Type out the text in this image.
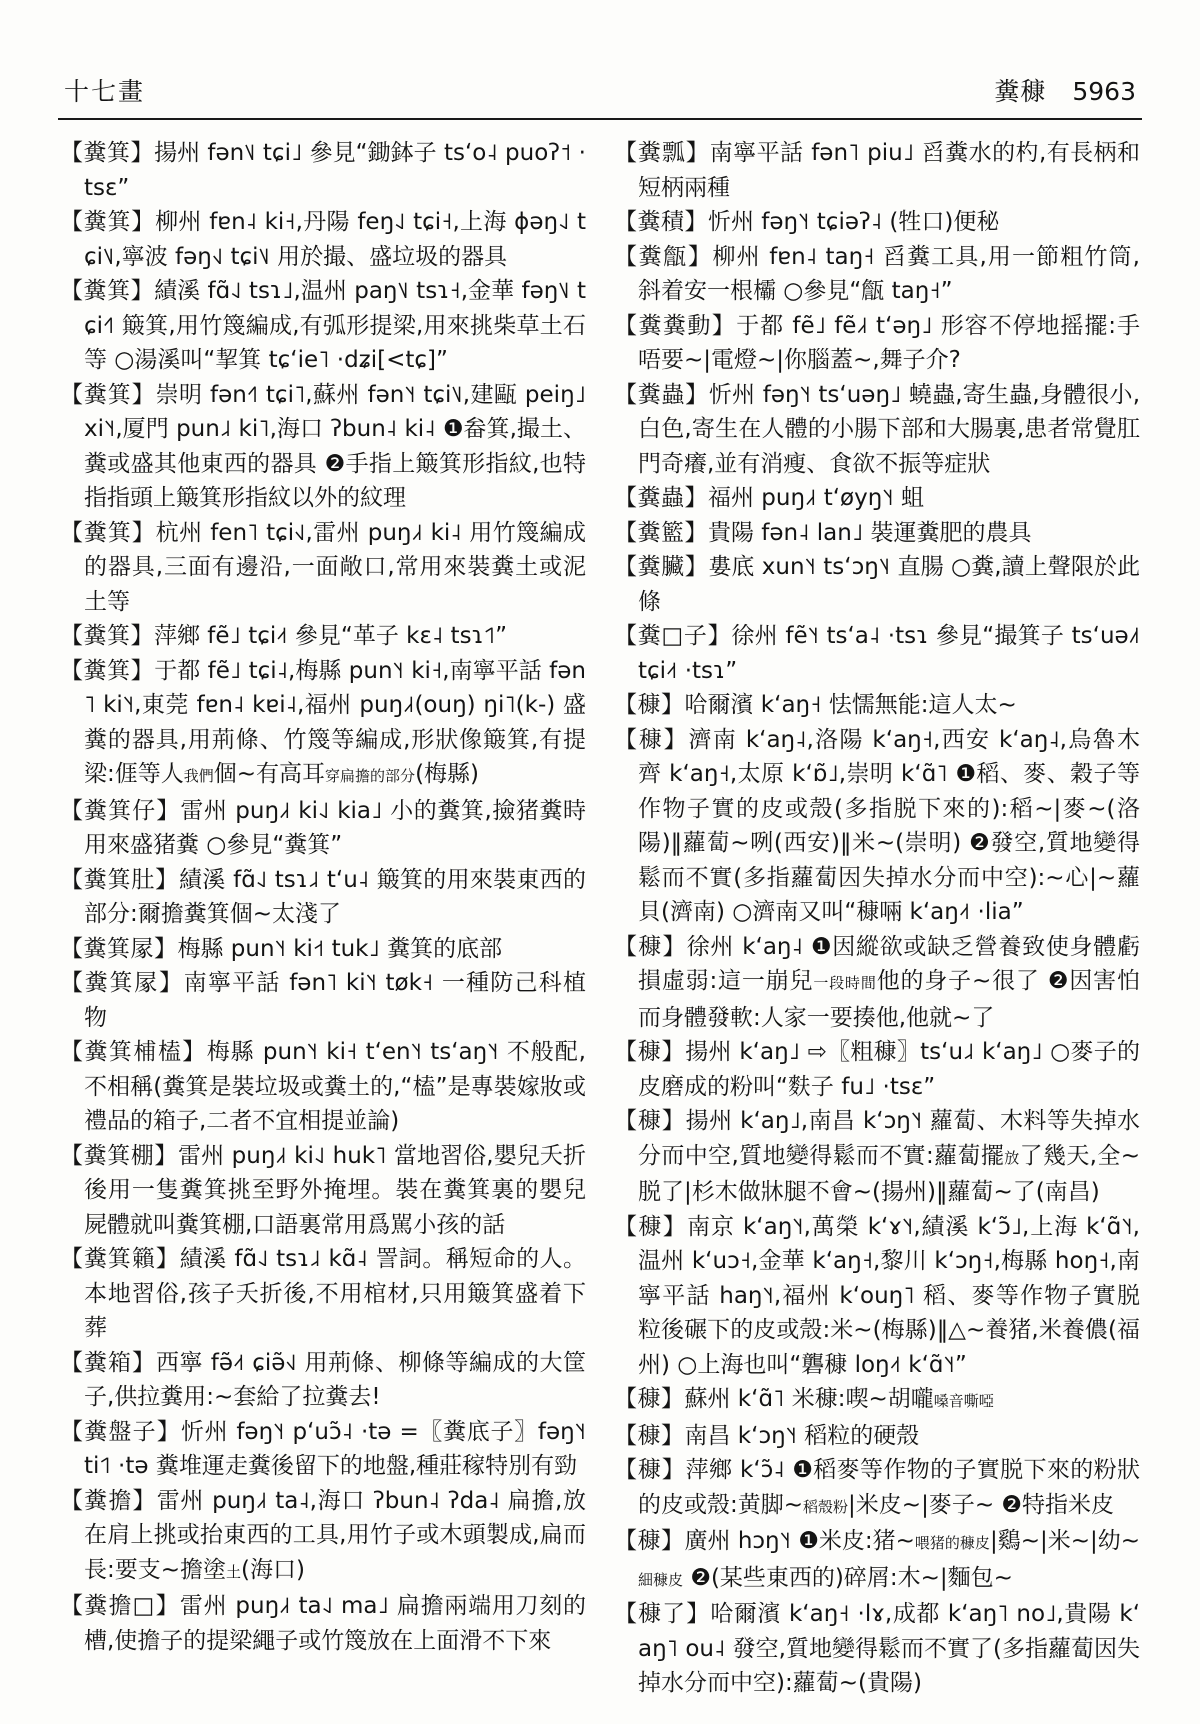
十七畫	糞穅 5963

【糞箕】揚州 fən˥˩ tɕi˩ 參見“鋤鉢子 tsʻo˨ puoʔ˦ ·tsɛ”

【糞箕】柳州 fɐn˨ ki˧,丹陽 feŋ˨˩ tɕi˧,上海 ɸəŋ˨˩ tɕi˥˩,寧波 fəŋ˧˩ tɕi˥˩ 用於撮、盛垃圾的器具

【糞箕】績溪 fɑ̃˨˩ tsɿ˩,温州 paŋ˥˩ tsɿ˧,金華 fəŋ˥˩ tɕi˧˥ 簸箕,用竹篾編成,有弧形提梁,用來挑柴草土石等 ○湯溪叫“挈箕 tɕʻie˥ ·dʑi[<tɕ]”

【糞箕】崇明 fən˧˥ tɕi˥,蘇州 fən˥˧ tɕi˥˩,建甌 peiŋ˩ xi˥˧,厦門 pun˩˨ ki˥,海口 ʔbun˨ ki˨ ❶畚箕,撮土、糞或盛其他東西的器具 ❷手指上簸箕形指紋,也特指指頭上簸箕形指紋以外的紋理

【糞箕】杭州 fen˥ tɕi˧˩,雷州 puŋ˩˧ ki˨ 用竹篾編成的器具,三面有邊沿,一面敞口,常用來裝糞土或泥土等

【糞箕】萍鄉 fẽ˩ tɕi˨˦ 參見“革子 kɛ˨ tsɿ˦˥”

【糞箕】于都 fẽ˩ tɕi˨,梅縣 pun˥˧ ki˧,南寧平話 fən˥ ki˥˧,東莞 fɐn˨ kɐi˨,福州 puŋ˩˧(ouŋ) ŋi˥(k-) 盛糞的器具,用荊條、竹篾等編成,形狀像簸箕,有提梁:𠊎等人我們個~有高耳穿扁擔的部分(梅縣)

【糞箕仔】雷州 puŋ˩˧ ki˨˩ kia˩ 小的糞箕,撿猪糞時用來盛猪糞 ○參見“糞箕”

【糞箕肚】績溪 fɑ̃˨˩ tsɿ˩˨ tʻu˨ 簸箕的用來裝東西的部分:爾擔糞箕個~太淺了

【糞箕㞘】梅縣 pun˥˧ ki˧˦ tuk˩ 糞箕的底部

【糞箕㞘】南寧平話 fən˥ ki˥˧ tøk˧ 一種防己科植物

【糞箕㭪榼】梅縣 pun˥˧ ki˧ tʻen˥˧ tsʻaŋ˥˧ 不般配,不相稱(糞箕是裝垃圾或糞土的,“榼”是專裝嫁妝或禮品的箱子,二者不宜相提並論)

【糞箕棚】雷州 puŋ˩˧ ki˨˩ huk˥ 當地習俗,嬰兒夭折後用一隻糞箕挑至野外掩埋。裝在糞箕裏的嬰兒屍體就叫糞箕棚,口語裏常用爲駡小孩的話

【糞箕籟】績溪 fɑ̃˨˩ tsɿ˩˨ kɑ̃˨ 詈詞。稱短命的人。本地習俗,孩子夭折後,不用棺材,只用簸箕盛着下葬

【糞箱】西寧 fə̃˨˦ ɕiə̃˧˩ 用荊條、柳條等編成的大筐子,供拉糞用:~套給了拉糞去!

【糞盤子】忻州 fəŋ˥˧ pʻuɔ̃˨ ·tə =〖糞底子〗fəŋ˥˧ ti˦˥ ·tə 糞堆運走糞後留下的地盤,種莊稼特別有勁

【糞擔】雷州 puŋ˩˧ ta˨,海口 ʔbun˨ ʔda˨ 扁擔,放在肩上挑或抬東西的工具,用竹子或木頭製成,扁而長:要支~擔塗土(海口)

【糞擔□】雷州 puŋ˩˧ ta˨˩ ma˩ 扁擔兩端用刀刻的槽,使擔子的提梁繩子或竹篾放在上面滑不下來

【糞瓢】南寧平話 fən˥ piu˩ 舀糞水的杓,有長柄和短柄兩種

【糞積】忻州 fəŋ˥˧ tɕiəʔ˨ (牲口)便秘

【糞甔】柳州 fɐn˨ taŋ˧ 舀糞工具,用一節粗竹筒,斜着安一根欛 ○參見“甔 taŋ˧”

【糞糞動】于都 fẽ˩ fẽ˩˧ tʻəŋ˩ 形容不停地摇擺:手唔要~|電燈~|你腦蓋~,舞子介?

【糞蟲】忻州 fəŋ˥˧ tsʻuəŋ˩ 蟯蟲,寄生蟲,身體很小,白色,寄生在人體的小腸下部和大腸裏,患者常覺肛門奇癢,並有消瘦、食欲不振等症狀

【糞蟲】福州 puŋ˩˧ tʻøyŋ˥˧ 蛆

【糞籃】貴陽 fən˨ lan˩ 裝運糞肥的農具

【糞臟】婁底 xun˥˧ tsʻɔŋ˥˨ 直腸 ○糞,讀上聲限於此條

【糞□子】徐州 fẽ˥˧ tsʻa˨ ·tsɿ 參見“撮箕子 tsʻuə˩˦ tɕi˨˦ ·tsɿ”

【穅】哈爾濱 kʻaŋ˧ 怯懦無能:這人太~

【穅】濟南 kʻaŋ˨,洛陽 kʻaŋ˧,西安 kʻaŋ˨,烏魯木齊 kʻaŋ˧,太原 kʻɒ̃˩,崇明 kʻɑ̃˥ ❶稻、麥、穀子等作物子實的皮或殼(多指脱下來的):稻~|麥~(洛陽)‖蘿蔔~咧(西安)‖米~(崇明) ❷發空,質地變得鬆而不實(多指蘿蔔因失掉水分而中空):~心|~蘿貝(濟南) ○濟南又叫“穅啢 kʻaŋ˨˦ ·lia”

【穅】徐州 kʻaŋ˨ ❶因縱欲或缺乏營養致使身體虧損虛弱:這一崩兒一段時間他的身子~很了 ❷因害怕而身體發軟:人家一要揍他,他就~了

【穅】揚州 kʻaŋ˩ ⇨〖粗穅〗tsʻu˩˨ kʻaŋ˩ ○麥子的皮磨成的粉叫“麩子 fu˩ ·tsɛ”

【穅】揚州 kʻaŋ˩,南昌 kʻɔŋ˥˧ 蘿蔔、木料等失掉水分而中空,質地變得鬆而不實:蘿蔔擺放了幾天,全~脱了|杉木做牀腿不會~(揚州)‖蘿蔔~了(南昌)

【穅】南京 kʻaŋ˥˧,萬榮 kʻɤ˥˧,績溪 kʻɔ̃˩,上海 kʻɑ̃˥˧,温州 kʻuɔ˧,金華 kʻaŋ˧,黎川 kʻɔŋ˧,梅縣 hoŋ˧,南寧平話 haŋ˥˧,福州 kʻouŋ˥ 稻、麥等作物子實脱粒後碾下的皮或殼:米~(梅縣)‖△~養猪,米養儂(福州) ○上海也叫“礱穅 loŋ˨˦ kʻɑ̃˥˧”

【穅】蘇州 kʻɑ̃˥ 米穅:喫~胡嚨嗓音嘶啞

【穅】南昌 kʻɔŋ˥˧ 稻粒的硬殼

【穅】萍鄉 kʻɔ̃˨ ❶稻麥等作物的子實脱下來的粉狀的皮或殼:黄脚~稻殼粉|米皮~|麥子~ ❷特指米皮

【穅】廣州 hɔŋ˥˧ ❶米皮:猪~喂猪的穅皮|鷄~|米~|幼~細穅皮 ❷(某些東西的)碎屑:木~|麵包~

【穅了】哈爾濱 kʻaŋ˧ ·lɤ,成都 kʻaŋ˥ no˩,貴陽 kʻaŋ˥ ou˨ 發空,質地變得鬆而不實了(多指蘿蔔因失掉水分而中空):蘿蔔~(貴陽)
